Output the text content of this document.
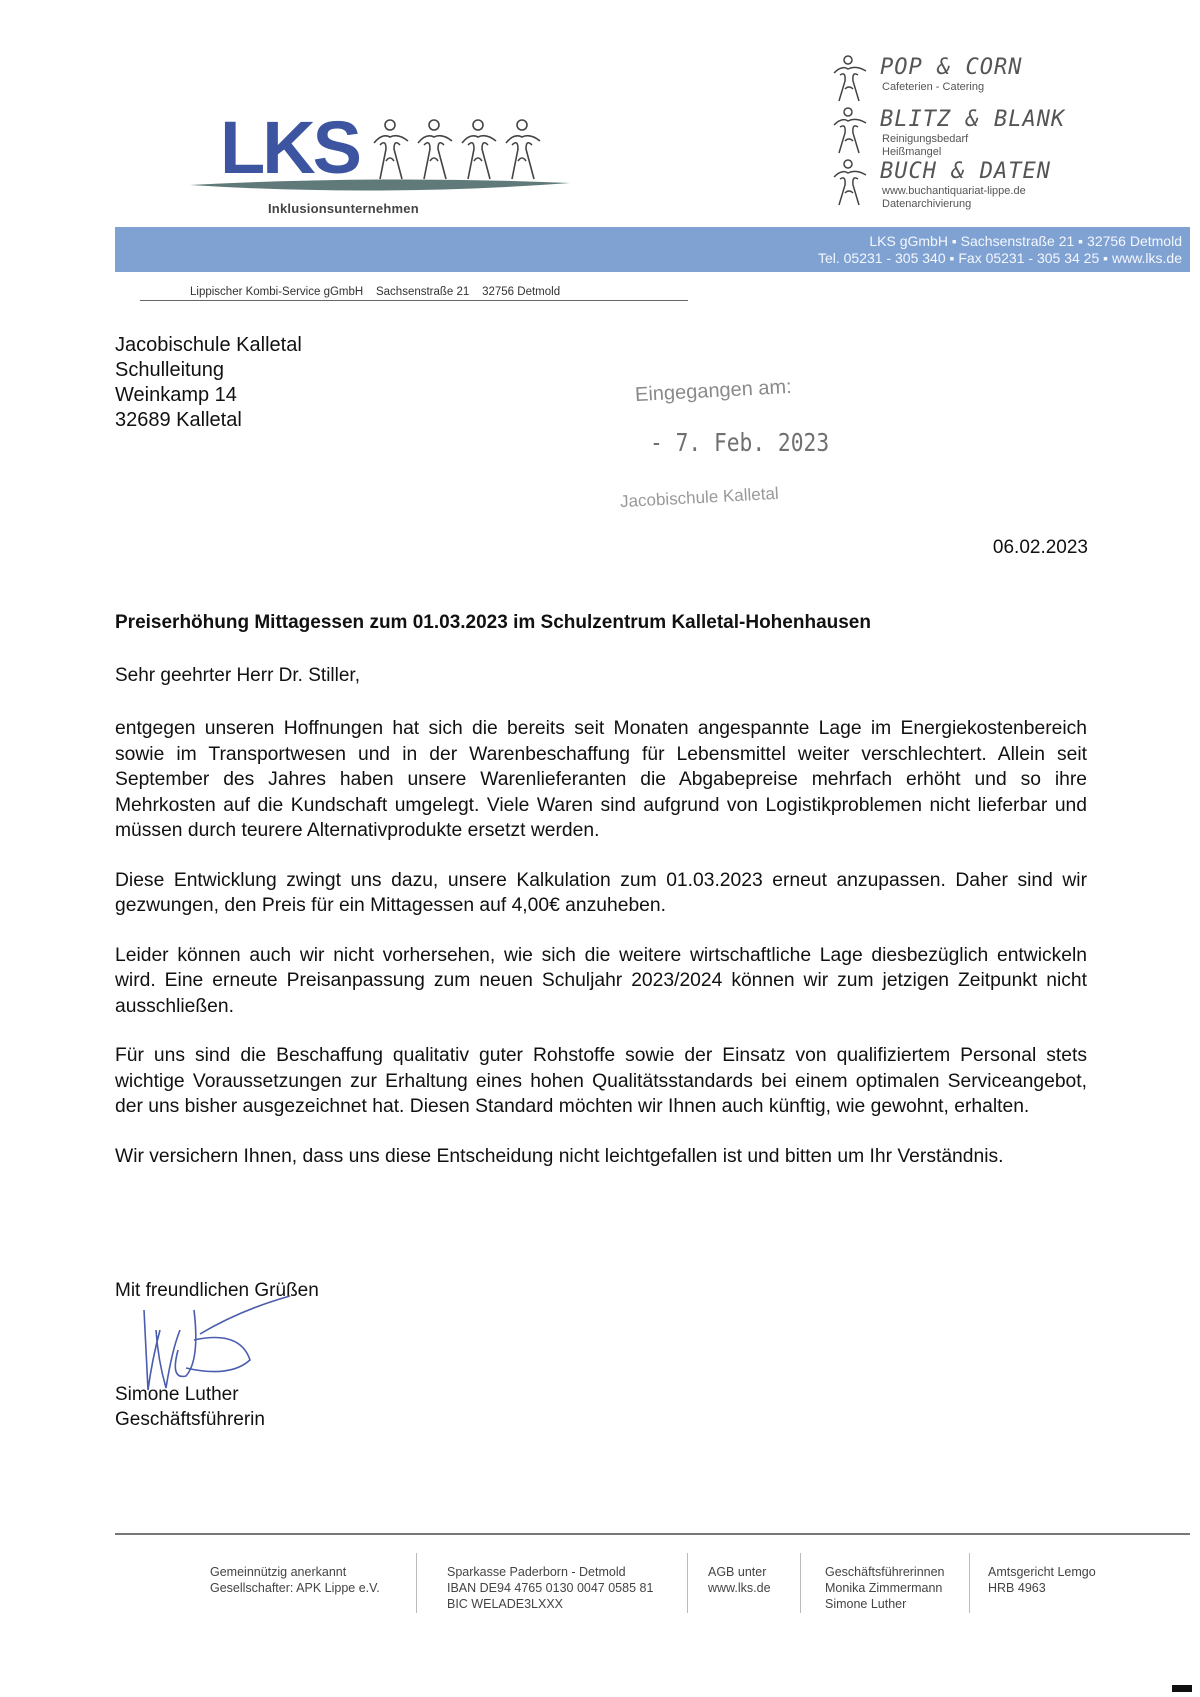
LKS
Inklusionsunternehmen
POP & CORN
Cafeterien - Catering
BLITZ & BLANK
Reinigungsbedarf
Heißmangel
BUCH & DATEN
www.buchantiquariat-lippe.de
Datenarchivierung
LKS gGmbH ▪ Sachsenstraße 21 ▪ 32756 Detmold
Tel. 05231 - 305 340 ▪ Fax 05231 - 305 34 25 ▪ www.lks.de
Lippischer Kombi-Service gGmbH    Sachsenstraße 21    32756 Detmold
Jacobischule Kalletal
Schulleitung
Weinkamp 14
32689 Kalletal
Eingegangen am:
- 7. Feb. 2023
Jacobischule Kalletal
06.02.2023
Preiserhöhung Mittagessen zum 01.03.2023 im Schulzentrum Kalletal-Hohenhausen
Sehr geehrter Herr Dr. Stiller,

entgegen unseren Hoffnungen hat sich die bereits seit Monaten angespannte Lage im Energiekostenbereich sowie im Transportwesen und in der Warenbeschaffung für Lebensmittel weiter verschlechtert. Allein seit September des Jahres haben unsere Warenlieferanten die Abgabepreise mehrfach erhöht und so ihre Mehrkosten auf die Kundschaft umgelegt. Viele Waren sind aufgrund von Logistikproblemen nicht lieferbar und müssen durch teurere Alternativprodukte ersetzt werden.

Diese Entwicklung zwingt uns dazu, unsere Kalkulation zum 01.03.2023 erneut anzupassen. Daher sind wir gezwungen, den Preis für ein Mittagessen auf 4,00€ anzuheben.

Leider können auch wir nicht vorhersehen, wie sich die weitere wirtschaftliche Lage diesbezüglich entwickeln wird. Eine erneute Preisanpassung zum neuen Schuljahr 2023/2024 können wir zum jetzigen Zeitpunkt nicht ausschließen.

Für uns sind die Beschaffung qualitativ guter Rohstoffe sowie der Einsatz von qualifiziertem Personal stets wichtige Voraussetzungen zur Erhaltung eines hohen Qualitätsstandards bei einem optimalen Serviceangebot, der uns bisher ausgezeichnet hat. Diesen Standard möchten wir Ihnen auch künftig, wie gewohnt, erhalten.

Wir versichern Ihnen, dass uns diese Entscheidung nicht leichtgefallen ist und bitten um Ihr Verständnis.

Mit freundlichen Grüßen
Simone Luther
Geschäftsführerin
Gemeinnützig anerkannt
Gesellschafter: APK Lippe e.V.
Sparkasse Paderborn - Detmold
IBAN DE94 4765 0130 0047 0585 81
BIC WELADE3LXXX
AGB unter
www.lks.de
Geschäftsführerinnen
Monika Zimmermann
Simone Luther
Amtsgericht Lemgo
HRB 4963
